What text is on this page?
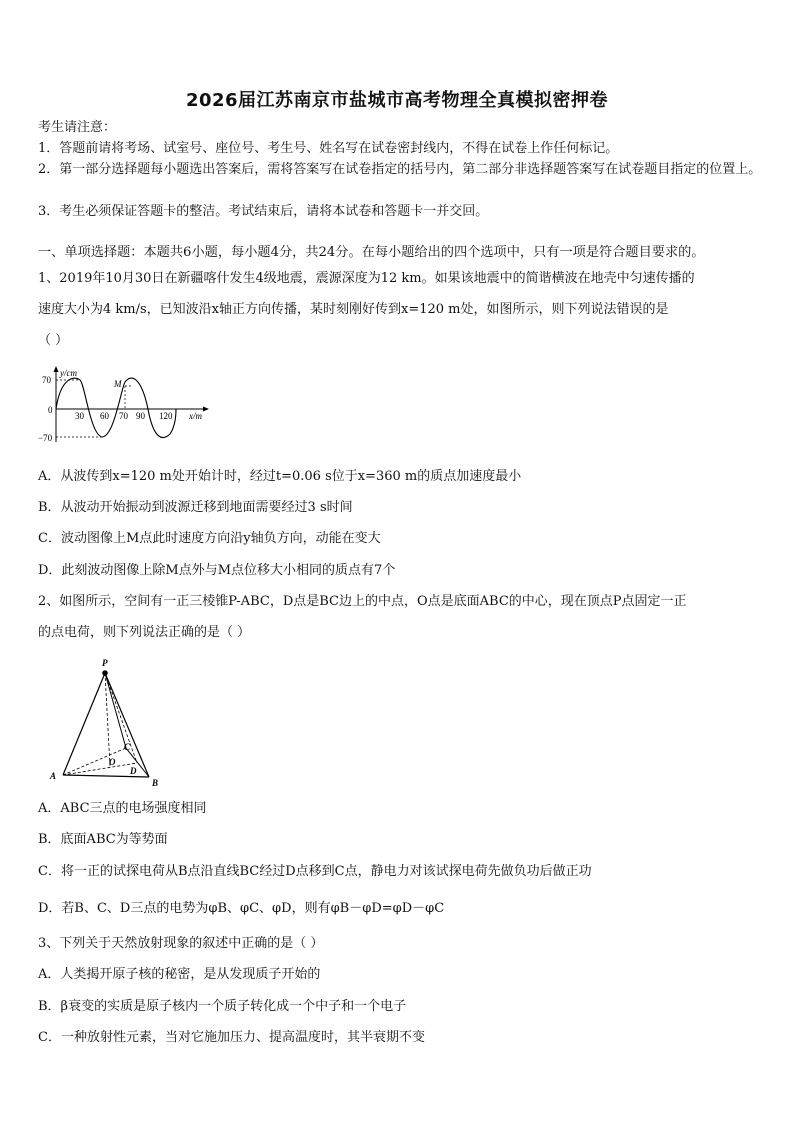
2026届江苏南京市盐城市高考物理全真模拟密押卷
考生请注意：
1．答题前请将考场、试室号、座位号、考生号、姓名写在试卷密封线内，不得在试卷上作任何标记。
2．第一部分选择题每小题选出答案后，需将答案写在试卷指定的括号内，第二部分非选择题答案写在试卷题目指定的位置上。
3．考生必须保证答题卡的整洁。考试结束后，请将本试卷和答题卡一并交回。
一、单项选择题：本题共6小题，每小题4分，共24分。在每小题给出的四个选项中，只有一项是符合题目要求的。
1、2019年10月30日在新疆喀什发生4级地震，震源深度为12 km。如果该地震中的简谐横波在地壳中匀速传播的
速度大小为4 km/s，已知波沿x轴正方向传播，某时刻刚好传到x=120 m处，如图所示，则下列说法错误的是
（ ）
y/cm
70
0
−70
M
30 60 70 90 120 x/m
A．从波传到x=120 m处开始计时，经过t=0.06 s位于x=360 m的质点加速度最小
B．从波动开始振动到波源迁移到地面需要经过3 s时间
C．波动图像上M点此时速度方向沿y轴负方向，动能在变大
D．此刻波动图像上除M点外与M点位移大小相同的质点有7个
2、如图所示，空间有一正三棱锥P-ABC，D点是BC边上的中点，O点是底面ABC的中心，现在顶点P点固定一正
的点电荷，则下列说法正确的是（ ）
P
A
B
C
O
D
A．ABC三点的电场强度相同
B．底面ABC为等势面
C．将一正的试探电荷从B点沿直线BC经过D点移到C点，静电力对该试探电荷先做负功后做正功
D．若B、C、D三点的电势为φB、φC、φD，则有φB－φD=φD－φC
3、下列关于天然放射现象的叙述中正确的是（ ）
A．人类揭开原子核的秘密，是从发现质子开始的
B．β衰变的实质是原子核内一个质子转化成一个中子和一个电子
C．一种放射性元素，当对它施加压力、提高温度时，其半衰期不变
